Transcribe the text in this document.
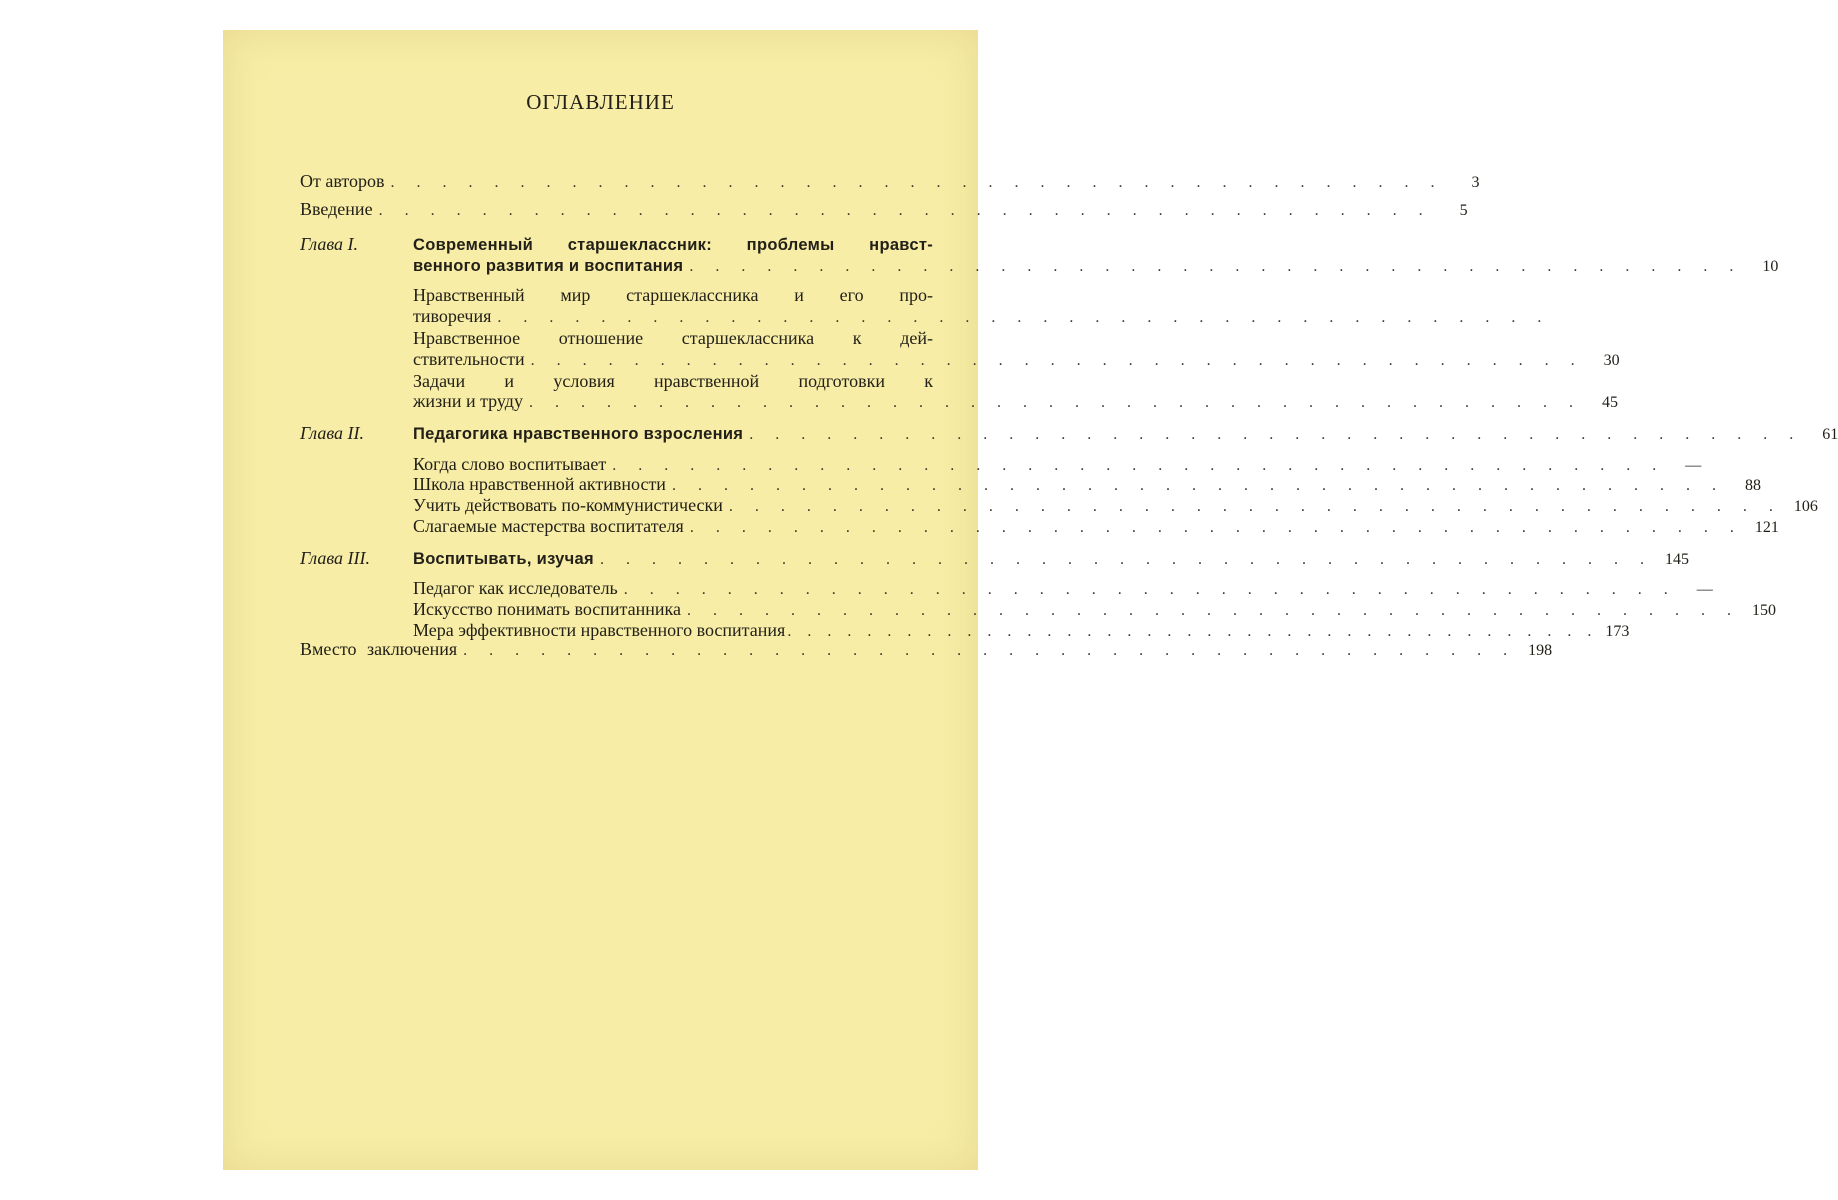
ОГЛАВЛЕНИЕ
От авторов . . . . . . . . . . . . . . . . . . . . . . . . . . . . . . . . . . . . . . . . .	3
Введение . . . . . . . . . . . . . . . . . . . . . . . . . . . . . . . . . . . . . . . . .	5
Глава I.	Современный старшеклассник: проблемы нравст-
венного развития и воспитания . . . . . . . . . . . . . . . . . . . . . . . . . . . . . . . . . . . . . . . . .	10
Нравственный мир старшеклассника и его про-
тиворечия . . . . . . . . . . . . . . . . . . . . . . . . . . . . . . . . . . . . . . . . .
Нравственное отношение старшеклассника к дей-
ствительности . . . . . . . . . . . . . . . . . . . . . . . . . . . . . . . . . . . . . . . . .	30
Задачи и условия нравственной подготовки к
жизни и труду . . . . . . . . . . . . . . . . . . . . . . . . . . . . . . . . . . . . . . . . .	45
Глава II.	Педагогика нравственного взросления . . . . . . . . . . . . . . . . . . . . . . . . . . . . . . . . . . . . . . . . .	61
Когда слово воспитывает . . . . . . . . . . . . . . . . . . . . . . . . . . . . . . . . . . . . . . . . .	—
Школа нравственной активности . . . . . . . . . . . . . . . . . . . . . . . . . . . . . . . . . . . . . . . . .	88
Учить действовать по-коммунистически . . . . . . . . . . . . . . . . . . . . . . . . . . . . . . . . . . . . . . . . . 106
Слагаемые мастерства воспитателя . . . . . . . . . . . . . . . . . . . . . . . . . . . . . . . . . . . . . . . . . 121
Глава III.	Воспитывать, изучая . . . . . . . . . . . . . . . . . . . . . . . . . . . . . . . . . . . . . . . . . 145
Педагог как исследователь . . . . . . . . . . . . . . . . . . . . . . . . . . . . . . . . . . . . . . . . .	—
Искусство понимать воспитанника . . . . . . . . . . . . . . . . . . . . . . . . . . . . . . . . . . . . . . . . . 150
Мера эффективности нравственного воспитания . . . . . . . . . . . . . . . . . . . . . . . . . . . . . . . . . . . . . . . . . 173
Вместо заключения . . . . . . . . . . . . . . . . . . . . . . . . . . . . . . . . . . . . . . . . . 198
